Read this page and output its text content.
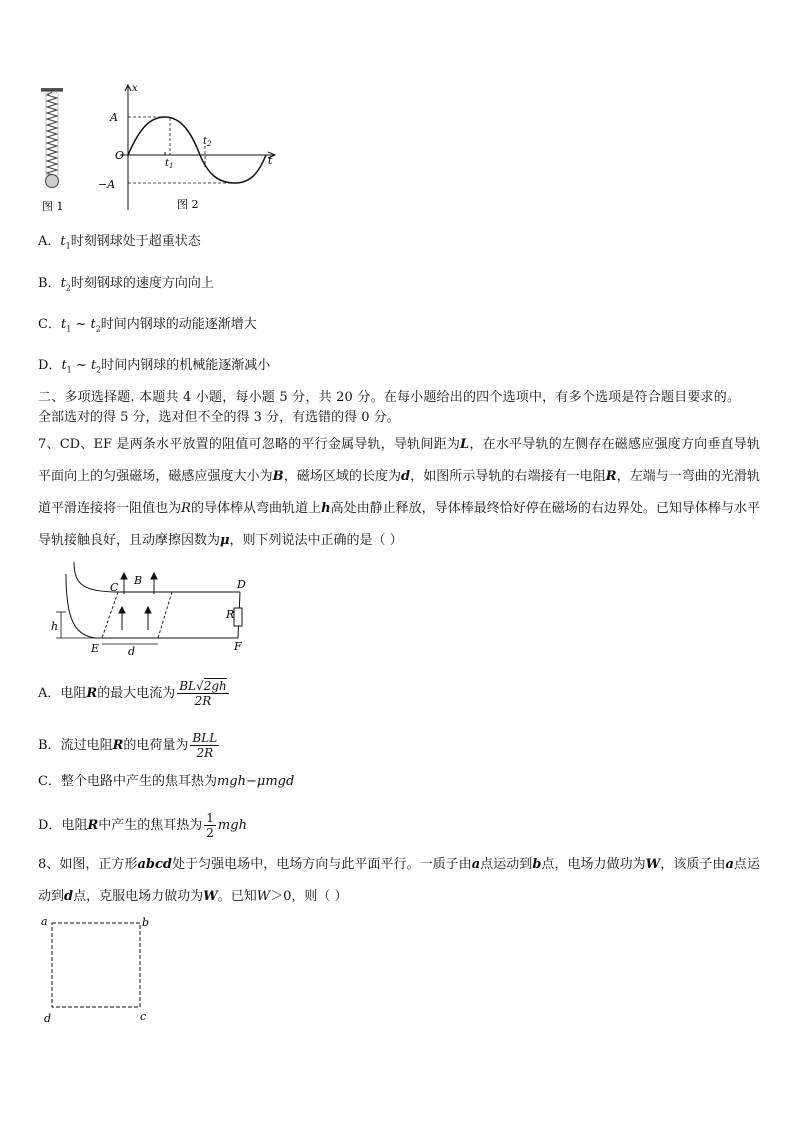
图 1
x
t
A
O
−A
$t_1$
$t_2$
图 2
A．$t_1$时刻钢球处于超重状态
B．$t_2$时刻钢球的速度方向向上
C．$t_1$ ~ $t_2$时间内钢球的动能逐渐增大
D．$t_1$ ~ $t_2$时间内钢球的机械能逐渐减小
二、多项选择题. 本题共 4 小题，每小题 5 分，共 20 分。在每小题给出的四个选项中，有多个选项是符合题目要求的。
全部选对的得 5 分，选对但不全的得 3 分，有选错的得 0 分。
7、CD、EF 是两条水平放置的阻值可忽略的平行金属导轨，导轨间距为L，在水平导轨的左侧存在磁感应强度方向垂直导轨平面向上的匀强磁场，磁感应强度大小为B，磁场区域的长度为d，如图所示导轨的右端接有一电阻R，左端与一弯曲的光滑轨道平滑连接将一阻值也为R的导体棒从弯曲轨道上h高处由静止释放，导体棒最终恰好停在磁场的右边界处。已知导体棒与水平导轨接触良好，且动摩擦因数为μ，则下列说法中正确的是（ ）
C	D
E	F
B
R
h
d
A．电阻R的最大电流为 $\frac{BL√2gh}{2R}$
B．流过电阻R的电荷量为 $\frac{\text{BLL}}{2R}$
C．整个电路中产生的焦耳热为mgh−μmgd
D．电阻R中产生的焦耳热为 $\frac{1}{2}$ mgh
8、如图，正方形abcd处于匀强电场中，电场方向与此平面平行。一质子由a点运动到b点，电场力做功为W，该质子由a点运动到d点，克服电场力做功为W。已知W＞0，则（ ）
a	b
c
d
